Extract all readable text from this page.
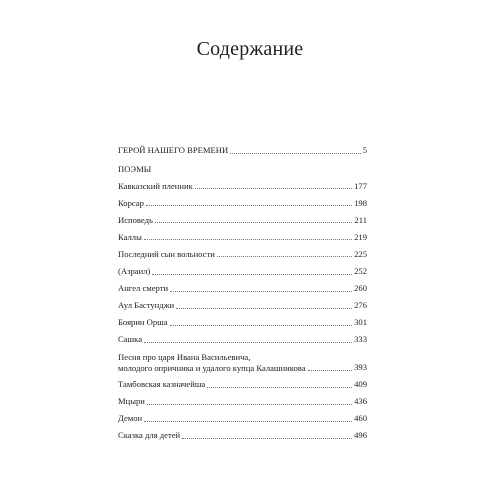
Содержание
ГЕРОЙ НАШЕГО ВРЕМЕНИ	5
ПОЭМЫ
Кавказский пленник	177
Корсар	198
Исповедь	211
Каллы	219
Последний сын вольности	225
(Азраил)	252
Ангел смерти	260
Аул Бастунджи	276
Боярин Орша	301
Сашка	333
Песня про царя Ивана Васильевича,
молодого опричника и удалого купца Калашникова	393
Тамбовская казначейша	409
Мцыри	436
Демон	460
Сказка для детей	496
